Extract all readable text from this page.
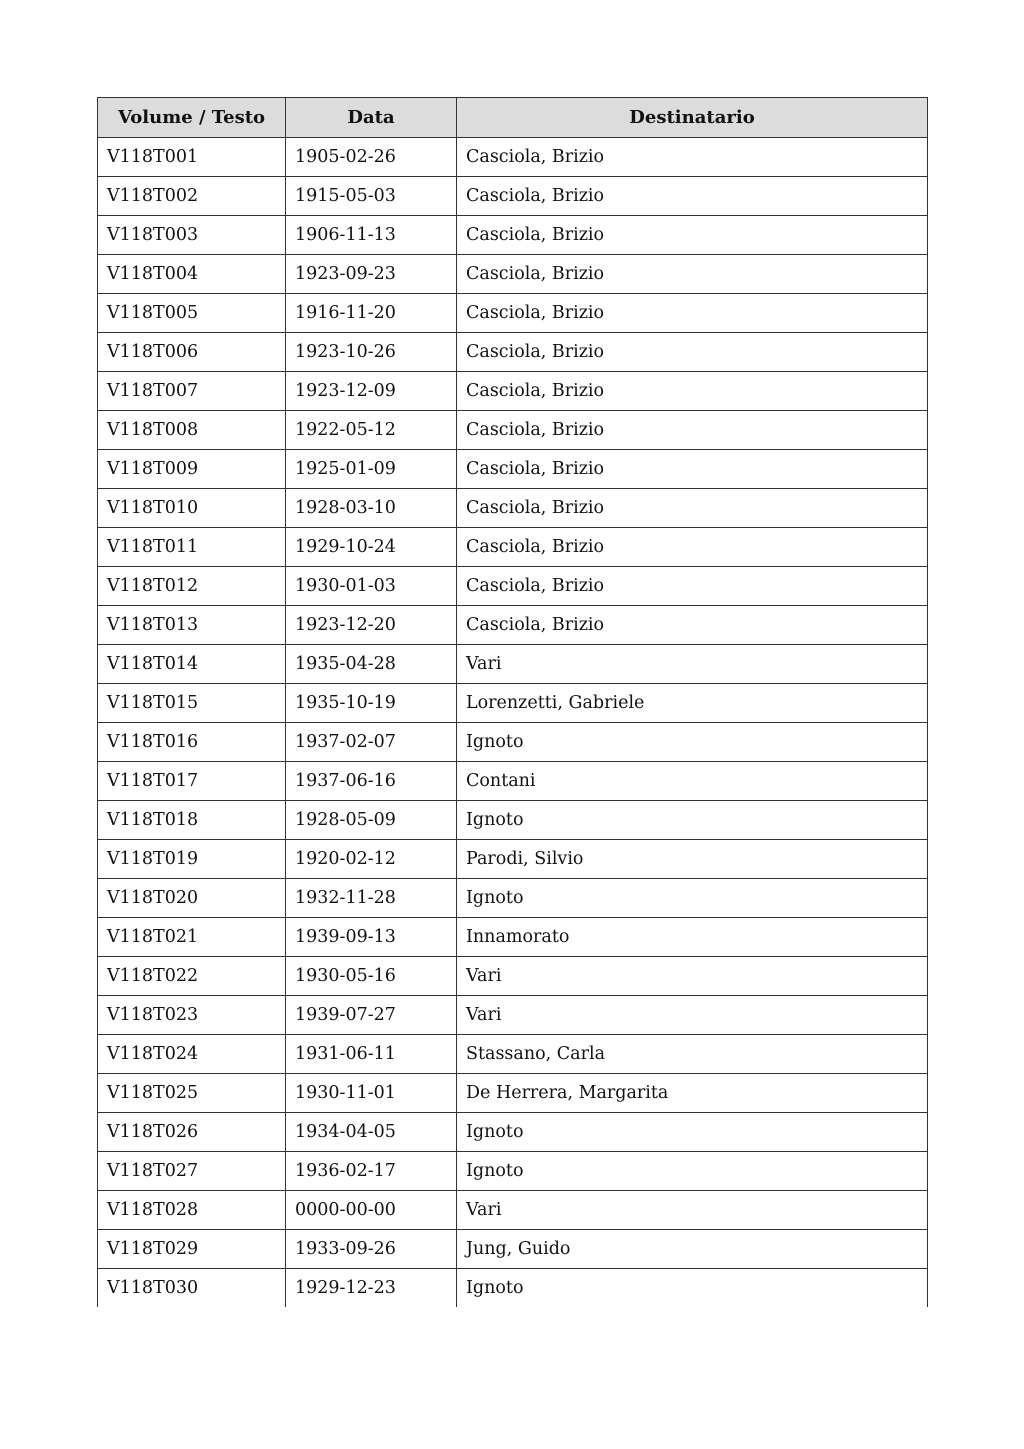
Volume / Testo	Data	Destinatario
V118T001	1905-02-26	Casciola, Brizio
V118T002	1915-05-03	Casciola, Brizio
V118T003	1906-11-13	Casciola, Brizio
V118T004	1923-09-23	Casciola, Brizio
V118T005	1916-11-20	Casciola, Brizio
V118T006	1923-10-26	Casciola, Brizio
V118T007	1923-12-09	Casciola, Brizio
V118T008	1922-05-12	Casciola, Brizio
V118T009	1925-01-09	Casciola, Brizio
V118T010	1928-03-10	Casciola, Brizio
V118T011	1929-10-24	Casciola, Brizio
V118T012	1930-01-03	Casciola, Brizio
V118T013	1923-12-20	Casciola, Brizio
V118T014	1935-04-28	Vari
V118T015	1935-10-19	Lorenzetti, Gabriele
V118T016	1937-02-07	Ignoto
V118T017	1937-06-16	Contani
V118T018	1928-05-09	Ignoto
V118T019	1920-02-12	Parodi, Silvio
V118T020	1932-11-28	Ignoto
V118T021	1939-09-13	Innamorato
V118T022	1930-05-16	Vari
V118T023	1939-07-27	Vari
V118T024	1931-06-11	Stassano, Carla
V118T025	1930-11-01	De Herrera, Margarita
V118T026	1934-04-05	Ignoto
V118T027	1936-02-17	Ignoto
V118T028	0000-00-00	Vari
V118T029	1933-09-26	Jung, Guido
V118T030	1929-12-23	Ignoto
